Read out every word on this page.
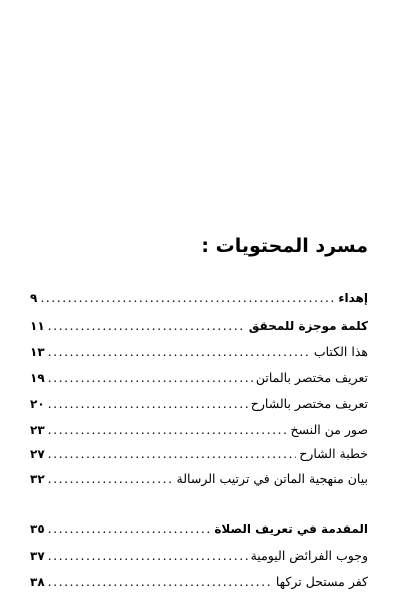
مسرد المحتويات :
إهداء
.....
٩
كلمة موجزة للمحقق
.....
١١
هذا الكتاب
.....
١٣
تعريف مختصر بالماتن
.....
١٩
تعريف مختصر بالشارح
.....
٢٠
صور من النسخ
.....
٢٣
خطبة الشارح
.....
٢٧
بيان منهجية الماتن في ترتيب الرسالة
.....
٣٢
المقدمة في تعريف الصلاة
.....
٣٥
وجوب الفرائض اليومية
.....
٣٧
كفر مستحل تركها
.....
٣٨
